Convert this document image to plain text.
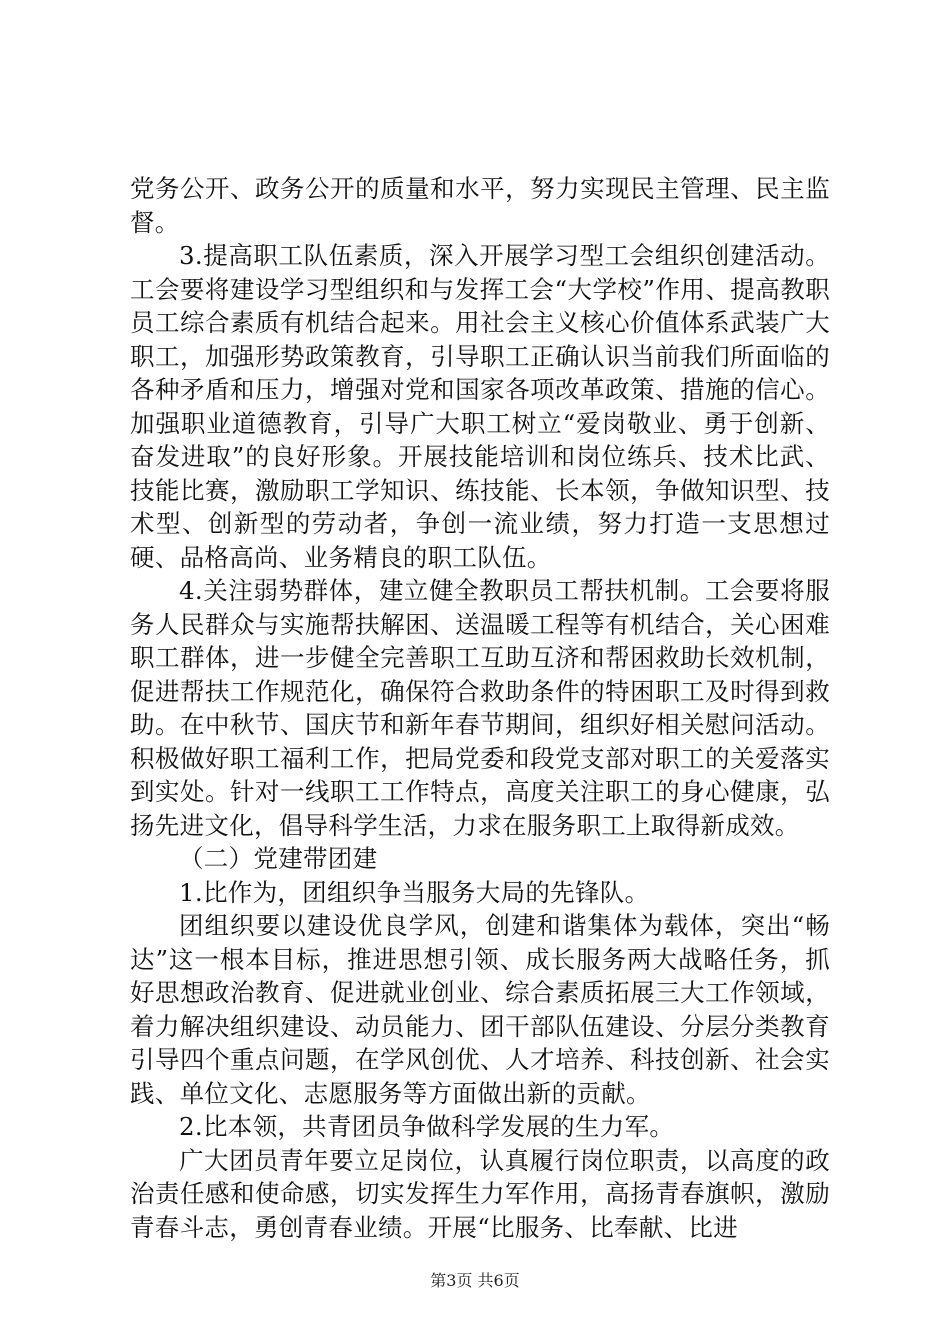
党务公开、政务公开的质量和水平，努力实现民主管理、民主监督。

3.提高职工队伍素质，深入开展学习型工会组织创建活动。工会要将建设学习型组织和与发挥工会“大学校”作用、提高教职员工综合素质有机结合起来。用社会主义核心价值体系武装广大职工，加强形势政策教育，引导职工正确认识当前我们所面临的各种矛盾和压力，增强对党和国家各项改革政策、措施的信心。加强职业道德教育，引导广大职工树立“爱岗敬业、勇于创新、奋发进取”的良好形象。开展技能培训和岗位练兵、技术比武、技能比赛，激励职工学知识、练技能、长本领，争做知识型、技术型、创新型的劳动者，争创一流业绩，努力打造一支思想过硬、品格高尚、业务精良的职工队伍。

4.关注弱势群体，建立健全教职员工帮扶机制。工会要将服务人民群众与实施帮扶解困、送温暖工程等有机结合，关心困难职工群体，进一步健全完善职工互助互济和帮困救助长效机制，促进帮扶工作规范化，确保符合救助条件的特困职工及时得到救助。在中秋节、国庆节和新年春节期间，组织好相关慰问活动。积极做好职工福利工作，把局党委和段党支部对职工的关爱落实到实处。针对一线职工工作特点，高度关注职工的身心健康，弘扬先进文化，倡导科学生活，力求在服务职工上取得新成效。

（二）党建带团建

1.比作为，团组织争当服务大局的先锋队。

团组织要以建设优良学风，创建和谐集体为载体，突出“畅达”这一根本目标，推进思想引领、成长服务两大战略任务，抓好思想政治教育、促进就业创业、综合素质拓展三大工作领域，着力解决组织建设、动员能力、团干部队伍建设、分层分类教育引导四个重点问题，在学风创优、人才培养、科技创新、社会实践、单位文化、志愿服务等方面做出新的贡献。

2.比本领，共青团员争做科学发展的生力军。

广大团员青年要立足岗位，认真履行岗位职责，以高度的政治责任感和使命感，切实发挥生力军作用，高扬青春旗帜，激励青春斗志，勇创青春业绩。开展“比服务、比奉献、比进

第3页 共6页
